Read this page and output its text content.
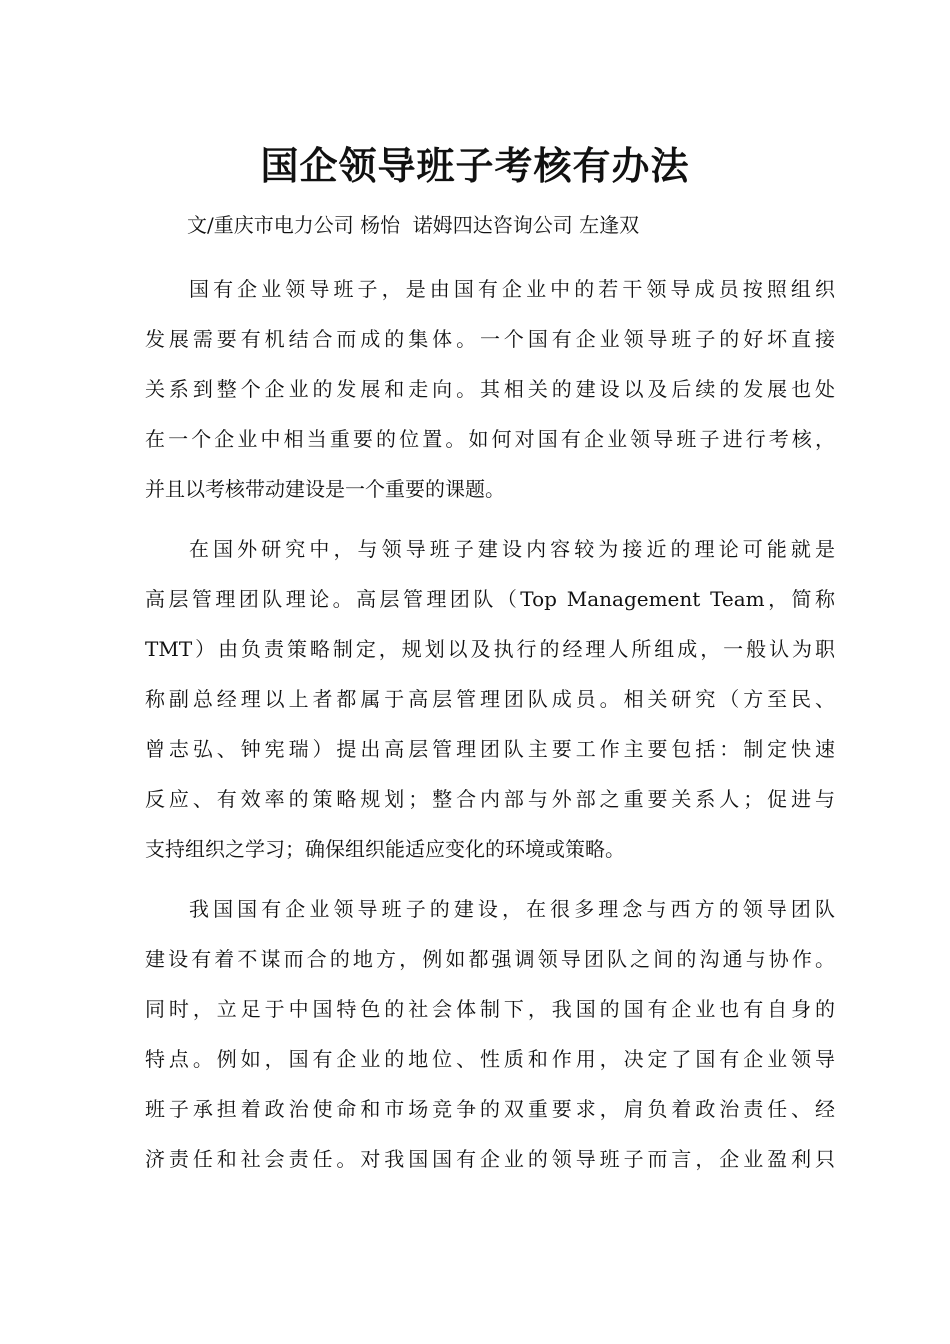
国企领导班子考核有办法
文/重庆市电力公司 杨怡  诺姆四达咨询公司 左逢双
国有企业领导班子，是由国有企业中的若干领导成员按照组织
发展需要有机结合而成的集体。一个国有企业领导班子的好坏直接
关系到整个企业的发展和走向。其相关的建设以及后续的发展也处
在一个企业中相当重要的位置。如何对国有企业领导班子进行考核，
并且以考核带动建设是一个重要的课题。
在国外研究中，与领导班子建设内容较为接近的理论可能就是
高层管理团队理论。高层管理团队（Top Management Team，简称
TMT）由负责策略制定，规划以及执行的经理人所组成，一般认为职
称副总经理以上者都属于高层管理团队成员。相关研究（方至民、
曾志弘、钟宪瑞）提出高层管理团队主要工作主要包括：制定快速
反应、有效率的策略规划；整合内部与外部之重要关系人；促进与
支持组织之学习；确保组织能适应变化的环境或策略。
我国国有企业领导班子的建设，在很多理念与西方的领导团队
建设有着不谋而合的地方，例如都强调领导团队之间的沟通与协作。
同时，立足于中国特色的社会体制下，我国的国有企业也有自身的
特点。例如，国有企业的地位、性质和作用，决定了国有企业领导
班子承担着政治使命和市场竞争的双重要求，肩负着政治责任、经
济责任和社会责任。对我国国有企业的领导班子而言，企业盈利只
